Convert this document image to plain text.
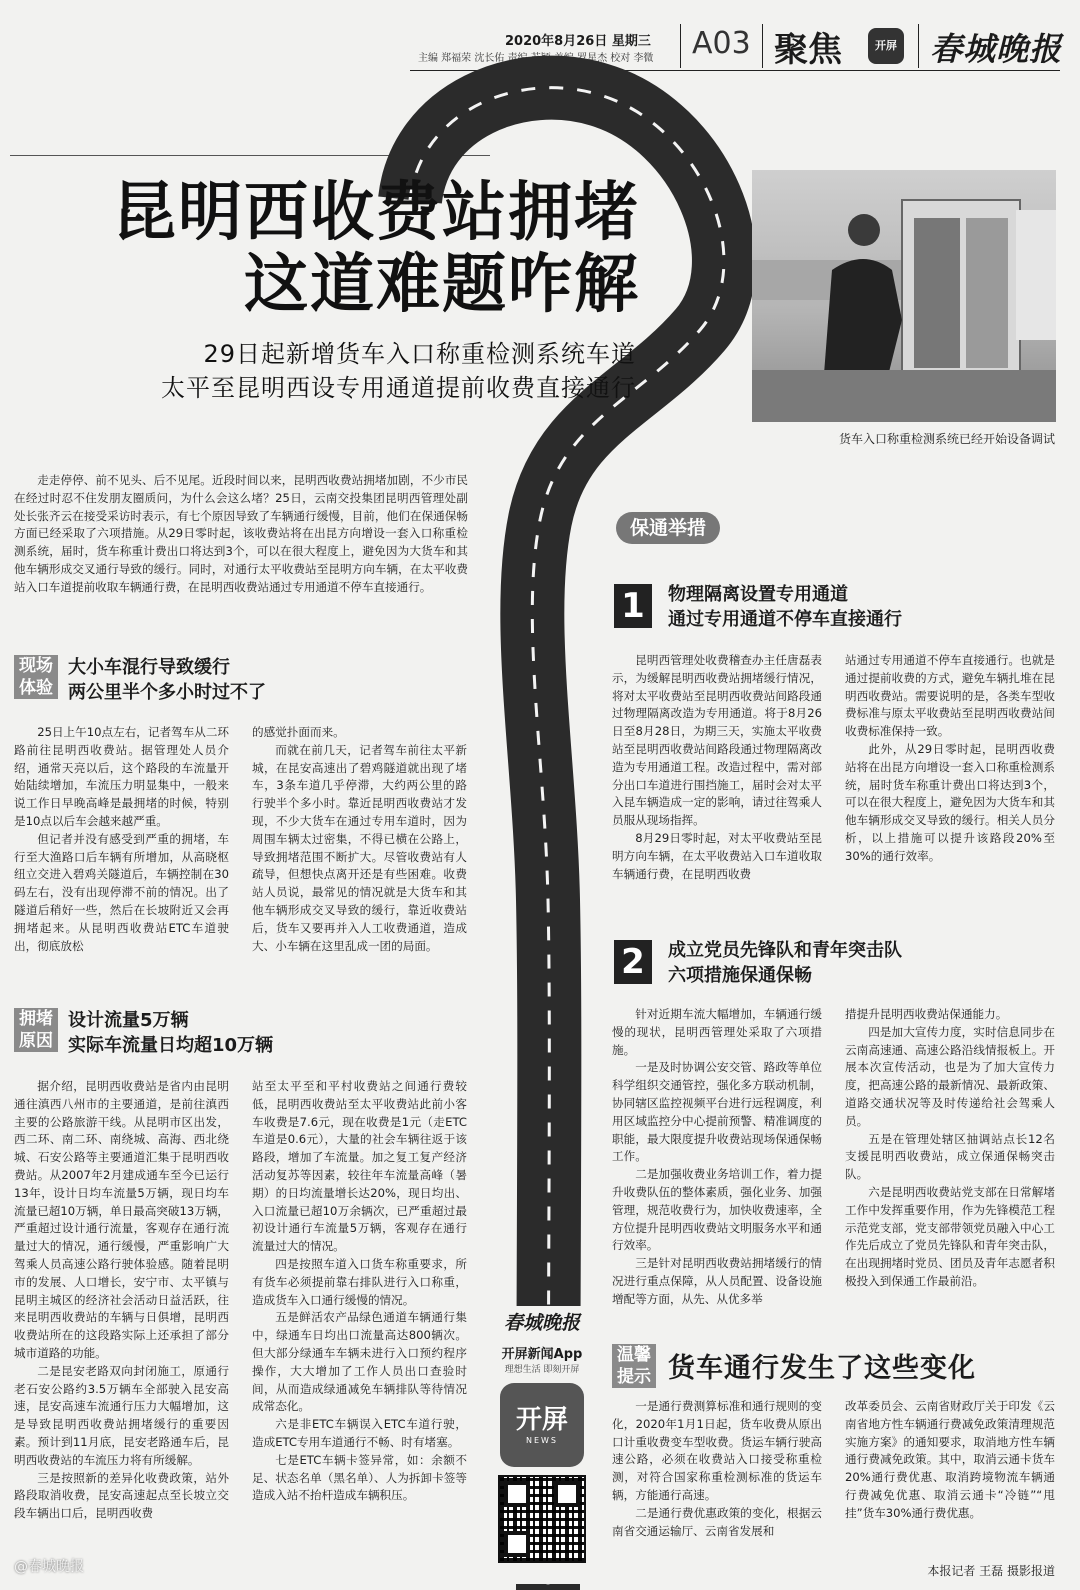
2020年8月26日 星期三
主编 郑福荣 沈长佑 责编 苏颖 美编 罗星杰 校对 李微	A03 聚焦	开屏 春城晚报
昆明西收费站拥堵
这道难题咋解
29日起新增货车入口称重检测系统车道
太平至昆明西设专用通道提前收费直接通行
货车入口称重检测系统已经开始设备调试

走走停停、前不见头、后不见尾。近段时间以来，昆明西收费站拥堵加剧，不少市民在经过时忍不住发朋友圈质问，为什么会这么堵？25日，云南交投集团昆明西管理处副处长张齐云在接受采访时表示，有七个原因导致了车辆通行缓慢，目前，他们在保通保畅方面已经采取了六项措施。从29日零时起，该收费站将在出昆方向增设一套入口称重检测系统，届时，货车称重计费出口将达到3个，可以在很大程度上，避免因为大货车和其他车辆形成交叉通行导致的缓行。同时，对通行太平收费站至昆明方向车辆，在太平收费站入口车道提前收取车辆通行费，在昆明西收费站通过专用通道不停车直接通行。

现场
体验
大小车混行导致缓行
两公里半个多小时过不了

25日上午10点左右，记者驾车从二环路前往昆明西收费站。据管理处人员介绍，通常天亮以后，这个路段的车流量开始陆续增加，车流压力明显集中，一般来说工作日早晚高峰是最拥堵的时候，特别是10点以后车会越来越严重。

但记者并没有感受到严重的拥堵，车行至大渔路口后车辆有所增加，从高晓枢纽立交进入碧鸡关隧道后，车辆控制在30码左右，没有出现停滞不前的情况。出了隧道后稍好一些，然后在长坡附近又会再拥堵起来。从昆明西收费站ETC车道驶出，彻底放松

的感觉扑面而来。

而就在前几天，记者驾车前往太平新城，在昆安高速出了碧鸡隧道就出现了堵车，3条车道几乎停滞，大约两公里的路行驶半个多小时。靠近昆明西收费站才发现，不少大货车在通过专用车道时，因为周围车辆太过密集，不得已横在公路上，导致拥堵范围不断扩大。尽管收费站有人疏导，但想快点离开还是有些困难。收费站人员说，最常见的情况就是大货车和其他车辆形成交叉导致的缓行，靠近收费站后，货车又要再并入人工收费通道，造成大、小车辆在这里乱成一团的局面。

拥堵
原因
设计流量5万辆
实际车流量日均超10万辆

据介绍，昆明西收费站是省内由昆明通往滇西八州市的主要通道，是前往滇西主要的公路旅游干线。从昆明市区出发，西二环、南二环、南绕城、高海、西北绕城、石安公路等主要通道汇集于昆明西收费站。从2007年2月建成通车至今已运行13年，设计日均车流量5万辆，现日均车流量已超10万辆，单日最高突破13万辆，严重超过设计通行流量，客观存在通行流量过大的情况，通行缓慢，严重影响广大驾乘人员高速公路行驶体验感。随着昆明市的发展、人口增长，安宁市、太平镇与昆明主城区的经济社会活动日益活跃，往来昆明西收费站的车辆与日俱增，昆明西收费站所在的这段路实际上还承担了部分城市道路的功能。

二是昆安老路双向封闭施工，原通行老石安公路约3.5万辆车全部驶入昆安高速，昆安高速车流通行压力大幅增加，这是导致昆明西收费站拥堵缓行的重要因素。预计到11月底，昆安老路通车后，昆明西收费站的车流压力将有所缓解。

三是按照新的差异化收费政策，站外路段取消收费，昆安高速起点至长坡立交段车辆出口后，昆明西收费

站至太平至和平村收费站之间通行费较低，昆明西收费站至太平收费站此前小客车收费是7.6元，现在收费是1元（走ETC车道是0.6元），大量的社会车辆往返于该路段，增加了车流量。加之复工复产经济活动复苏等因素，较往年车流量高峰（暑期）的日均流量增长达20%，现日均出、入口流量已超10万余辆次，已严重超过最初设计通行车流量5万辆，客观存在通行流量过大的情况。

四是按照车道入口货车称重要求，所有货车必须提前靠右排队进行入口称重，造成货车入口通行缓慢的情况。

五是鲜活农产品绿色通道车辆通行集中，绿通车日均出口流量高达800辆次。但大部分绿通车车辆未进行入口预约程序操作，大大增加了工作人员出口查验时间，从而造成绿通减免车辆排队等待情况成常态化。

六是非ETC车辆误入ETC车道行驶，造成ETC专用车道通行不畅、时有堵塞。

七是ETC车辆卡签异常，如：余额不足、状态名单（黑名单）、人为拆卸卡签等造成入站不抬杆造成车辆积压。

保通举措
1	物理隔离设置专用通道
通过专用通道不停车直接通行

昆明西管理处收费稽查办主任唐磊表示，为缓解昆明西收费站拥堵缓行情况，将对太平收费站至昆明西收费站间路段通过物理隔离改造为专用通道。将于8月26日至8月28日，为期三天，实施太平收费站至昆明西收费站间路段通过物理隔离改造为专用通道工程。改造过程中，需对部分出口车道进行围挡施工，届时会对太平入昆车辆造成一定的影响，请过往驾乘人员服从现场指挥。

8月29日零时起，对太平收费站至昆明方向车辆，在太平收费站入口车道收取车辆通行费，在昆明西收费

站通过专用通道不停车直接通行。也就是通过提前收费的方式，避免车辆扎堆在昆明西收费站。需要说明的是，各类车型收费标准与原太平收费站至昆明西收费站间收费标准保持一致。

此外，从29日零时起，昆明西收费站将在出昆方向增设一套入口称重检测系统，届时货车称重计费出口将达到3个，可以在很大程度上，避免因为大货车和其他车辆形成交叉导致的缓行。相关人员分析，以上措施可以提升该路段20%至30%的通行效率。

2	成立党员先锋队和青年突击队
六项措施保通保畅

针对近期车流大幅增加，车辆通行缓慢的现状，昆明西管理处采取了六项措施。

一是及时协调公安交管、路政等单位科学组织交通管控，强化多方联动机制，协同辖区监控视频平台进行远程调度，利用区域监控分中心提前预警、精准调度的职能，最大限度提升收费站现场保通保畅工作。

二是加强收费业务培训工作，着力提升收费队伍的整体素质，强化业务、加强管理，规范收费行为，加快收费速率，全方位提升昆明西收费站文明服务水平和通行效率。

三是针对昆明西收费站拥堵缓行的情况进行重点保障，从人员配置、设备设施增配等方面，从先、从优多举

措提升昆明西收费站保通能力。

四是加大宣传力度，实时信息同步在云南高速通、高速公路沿线情报板上。开展本次宣传活动，也是为了加大宣传力度，把高速公路的最新情况、最新政策、道路交通状况等及时传递给社会驾乘人员。

五是在管理处辖区抽调站点长12名支援昆明西收费站，成立保通保畅突击队。

六是昆明西收费站党支部在日常解堵工作中发挥重要作用，作为先锋模范工程示范党支部，党支部带领党员融入中心工作先后成立了党员先锋队和青年突击队，在出现拥堵时党员、团员及青年志愿者积极投入到保通工作最前沿。

温馨
提示 货车通行发生了这些变化

一是通行费测算标准和通行规则的变化，2020年1月1日起，货车收费从原出口计重收费变车型收费。货运车辆行驶高速公路，必须在收费站入口接受称重检测，对符合国家称重检测标准的货运车辆，方能通行高速。

二是通行费优惠政策的变化，根据云南省交通运输厅、云南省发展和

改革委员会、云南省财政厅关于印发《云南省地方性车辆通行费减免政策清理规范实施方案》的通知要求，取消地方性车辆通行费减免政策。其中，取消云通卡货车20%通行费优惠、取消跨境物流车辆通行费减免优惠、取消云通卡“冷链”“甩挂”货车30%通行费优惠。

本报记者 王磊 摄影报道
春城晚报
开屏新闻App
理想生活 即刻开屏
开屏
NEWS
@春城晚报
